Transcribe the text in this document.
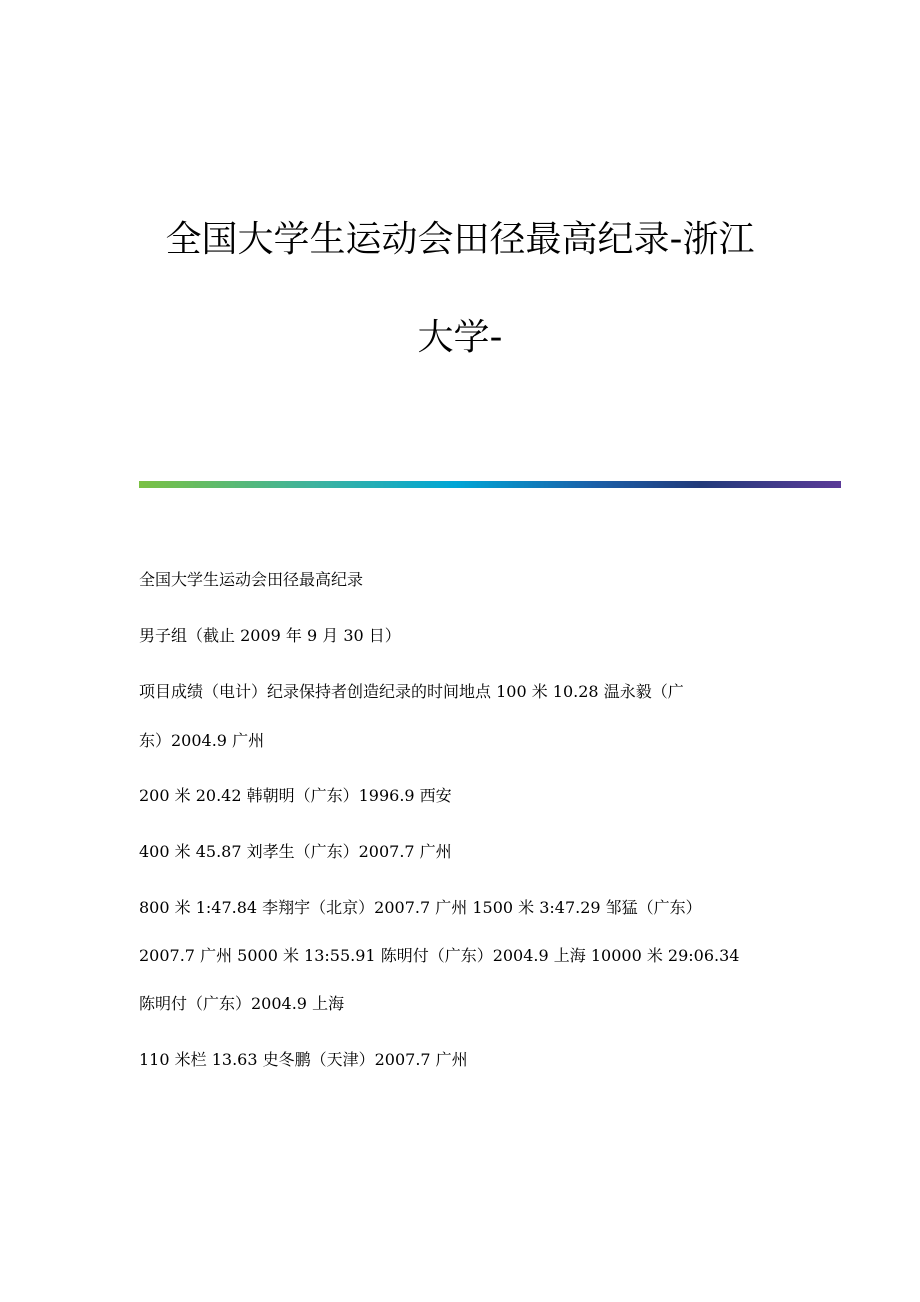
全国大学生运动会田径最高纪录-浙江
大学-
全国大学生运动会田径最高纪录
男子组（截止 2009 年 9 月 30 日）
项目成绩（电计）纪录保持者创造纪录的时间地点 100 米 10.28 温永毅（广
东）2004.9 广州
200 米 20.42 韩朝明（广东）1996.9 西安
400 米 45.87 刘孝生（广东）2007.7 广州
800 米 1:47.84 李翔宇（北京）2007.7 广州 1500 米 3:47.29 邹猛（广东）
2007.7 广州 5000 米 13:55.91 陈明付（广东）2004.9 上海 10000 米 29:06.34
陈明付（广东）2004.9 上海
110 米栏 13.63 史冬鹏（天津）2007.7 广州
